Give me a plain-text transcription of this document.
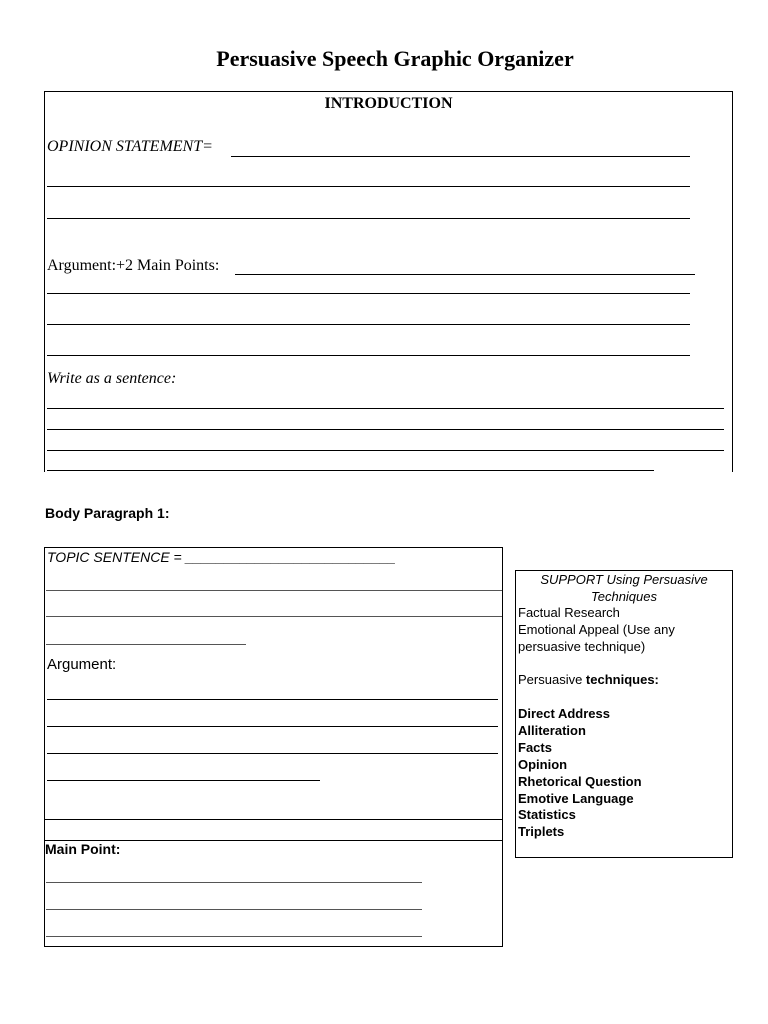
Persuasive Speech Graphic Organizer
INTRODUCTION
OPINION STATEMENT=
Argument:+2 Main Points:
Write as a sentence:
Body Paragraph 1:
TOPIC SENTENCE = ___________________________
Argument:
Main Point:
SUPPORT Using Persuasive
Techniques
Factual Research
Emotional Appeal (Use any
persuasive technique)
Persuasive techniques:
Direct Address
Alliteration
Facts
Opinion
Rhetorical Question
Emotive Language
Statistics
Triplets
